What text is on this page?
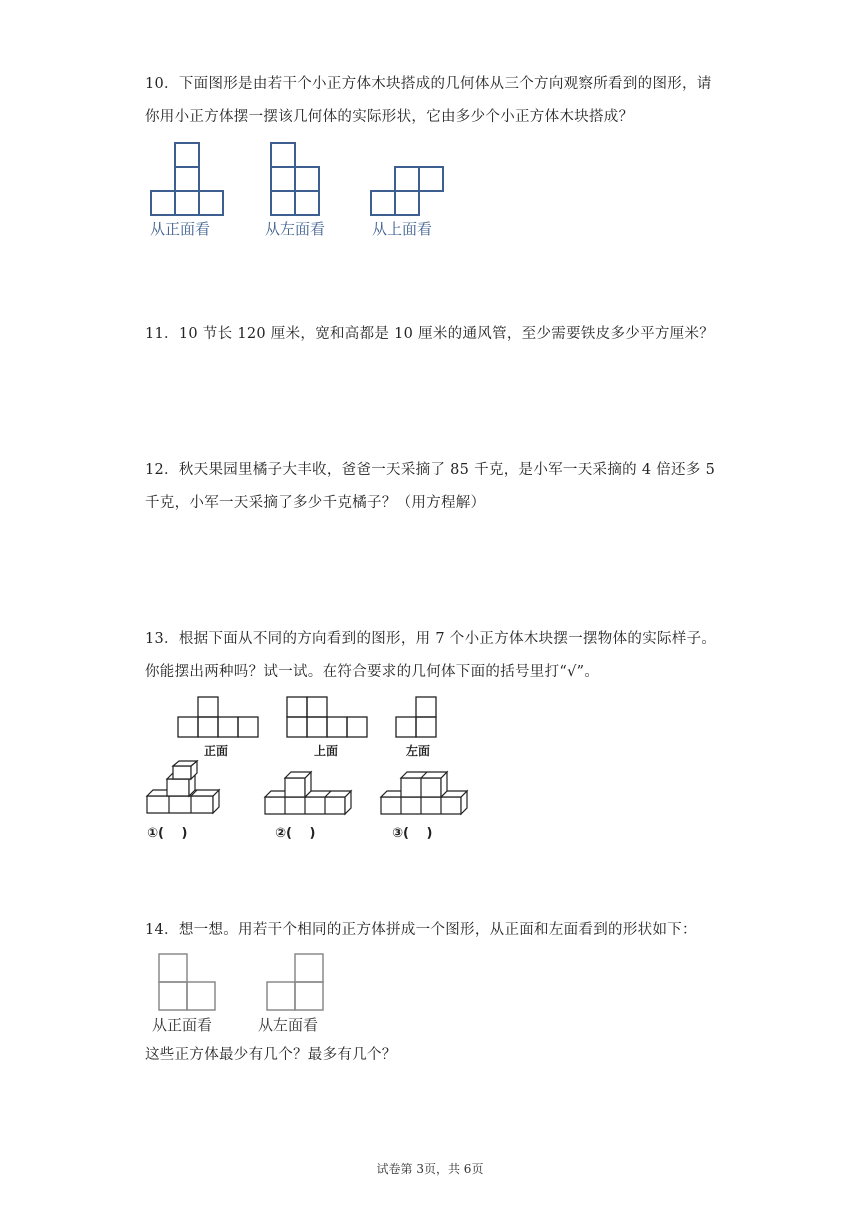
10．下面图形是由若干个小正方体木块搭成的几何体从三个方向观察所看到的图形，请
你用小正方体摆一摆该几何体的实际形状，它由多少个小正方体木块搭成？
从正面看	从左面看	从上面看
11．10 节长 120 厘米，宽和高都是 10 厘米的通风管，至少需要铁皮多少平方厘米？
12．秋天果园里橘子大丰收，爸爸一天采摘了 85 千克，是小军一天采摘的 4 倍还多 5
千克，小军一天采摘了多少千克橘子？（用方程解）
13．根据下面从不同的方向看到的图形，用 7 个小正方体木块摆一摆物体的实际样子。
你能摆出两种吗？试一试。在符合要求的几何体下面的括号里打“√”。
正面	上面	左面
①(　 )	②(　 )	③(　 )
14．想一想。用若干个相同的正方体拼成一个图形，从正面和左面看到的形状如下：
从正面看	从左面看
这些正方体最少有几个？最多有几个？
试卷第 3页，共 6页
